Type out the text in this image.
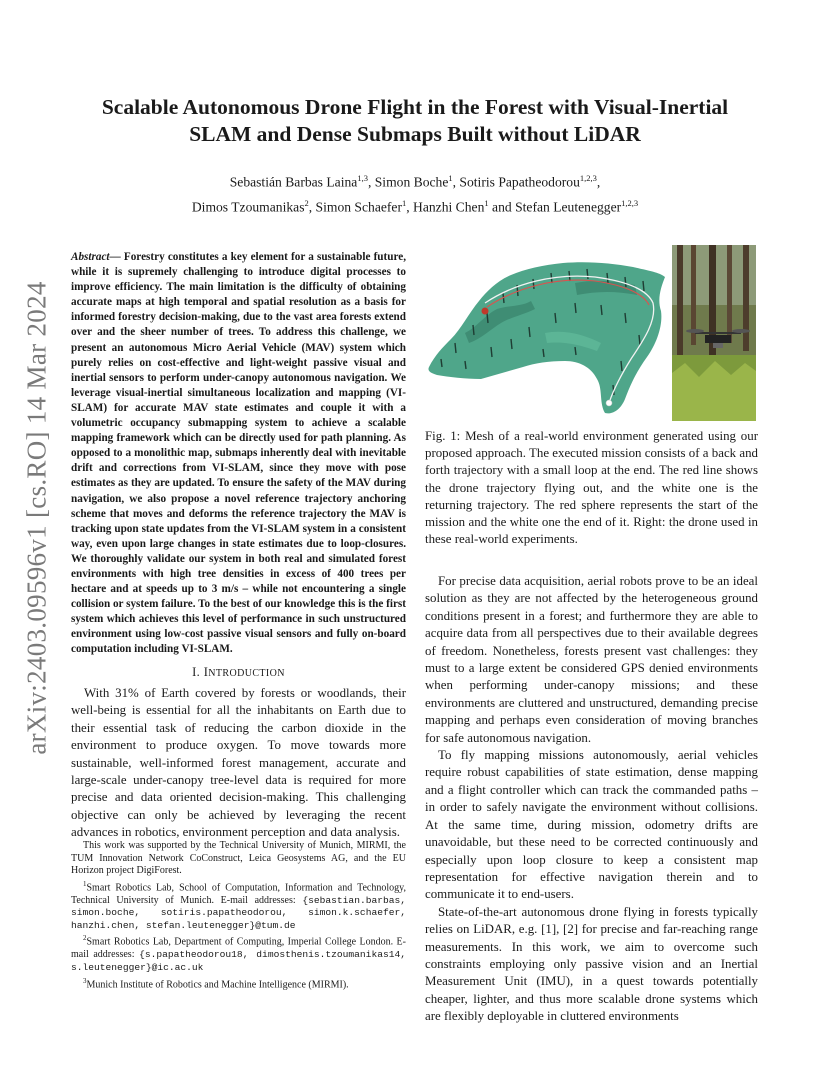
arXiv:2403.09596v1 [cs.RO] 14 Mar 2024
Scalable Autonomous Drone Flight in the Forest with Visual-Inertial
SLAM and Dense Submaps Built without LiDAR
Sebastián Barbas Laina$^{1,3}$, Simon Boche$^1$, Sotiris Papatheodorou$^{1,2,3}$,
Dimos Tzoumanikas$^2$, Simon Schaefer$^1$, Hanzhi Chen$^1$ and Stefan Leutenegger$^{1,2,3}$
Abstract— Forestry constitutes a key element for a sustainable future, while it is supremely challenging to introduce digital processes to improve efficiency. The main limitation is the difficulty of obtaining accurate maps at high temporal and spatial resolution as a basis for informed forestry decision-making, due to the vast area forests extend over and the sheer number of trees. To address this challenge, we present an autonomous Micro Aerial Vehicle (MAV) system which purely relies on cost-effective and light-weight passive visual and inertial sensors to perform under-canopy autonomous navigation. We leverage visual-inertial simultaneous localization and mapping (VI-SLAM) for accurate MAV state estimates and couple it with a volumetric occupancy submapping system to achieve a scalable mapping framework which can be directly used for path planning. As opposed to a monolithic map, submaps inherently deal with inevitable drift and corrections from VI-SLAM, since they move with pose estimates as they are updated. To ensure the safety of the MAV during navigation, we also propose a novel reference trajectory anchoring scheme that moves and deforms the reference trajectory the MAV is tracking upon state updates from the VI-SLAM system in a consistent way, even upon large changes in state estimates due to loop-closures. We thoroughly validate our system in both real and simulated forest environments with high tree densities in excess of 400 trees per hectare and at speeds up to 3 m/s – while not encountering a single collision or system failure. To the best of our knowledge this is the first system which achieves this level of performance in such unstructured environment using low-cost passive visual sensors and fully on-board computation including VI-SLAM.
I. INTRODUCTION

With 31% of Earth covered by forests or woodlands, their well-being is essential for all the inhabitants on Earth due to their essential task of reducing the carbon dioxide in the environment to produce oxygen. To move towards more sustainable, well-informed forest management, accurate and large-scale under-canopy tree-level data is required for more precise and data oriented decision-making. This challenging objective can only be achieved by leveraging the recent advances in robotics, environment perception and data analysis.

This work was supported by the Technical University of Munich, MIRMI, the TUM Innovation Network CoConstruct, Leica Geosystems AG, and the EU Horizon project DigiForest.

$^1$Smart Robotics Lab, School of Computation, Information and Technology, Technical University of Munich. E-mail addresses: {sebastian.barbas, simon.boche, sotiris.papatheodorou, simon.k.schaefer, hanzhi.chen, stefan.leutenegger}@tum.de

$^2$Smart Robotics Lab, Department of Computing, Imperial College London. E-mail addresses: {s.papatheodorou18, dimosthenis.tzoumanikas14, s.leutenegger}@ic.ac.uk

$^3$Munich Institute of Robotics and Machine Intelligence (MIRMI).

Fig. 1: Mesh of a real-world environment generated using our proposed approach. The executed mission consists of a back and forth trajectory with a small loop at the end. The red line shows the drone trajectory flying out, and the white one is the returning trajectory. The red sphere represents the start of the mission and the white one the end of it. Right: the drone used in these real-world experiments.

For precise data acquisition, aerial robots prove to be an ideal solution as they are not affected by the heterogeneous ground conditions present in a forest; and furthermore they are able to acquire data from all perspectives due to their available degrees of freedom. Nonetheless, forests present vast challenges: they must to a large extent be considered GPS denied environments when performing under-canopy missions; and these environments are cluttered and unstructured, demanding precise mapping and perhaps even consideration of moving branches for safe autonomous navigation.

To fly mapping missions autonomously, aerial vehicles require robust capabilities of state estimation, dense mapping and a flight controller which can track the commanded paths – in order to safely navigate the environment without collisions. At the same time, during mission, odometry drifts are unavoidable, but these need to be corrected continuously and especially upon loop closure to keep a consistent map representation for effective navigation therein and to communicate it to end-users.

State-of-the-art autonomous drone flying in forests typically relies on LiDAR, e.g. [1], [2] for precise and far-reaching range measurements. In this work, we aim to overcome such constraints employing only passive vision and an Inertial Measurement Unit (IMU), in a quest towards potentially cheaper, lighter, and thus more scalable drone systems which are flexibly deployable in cluttered environments
